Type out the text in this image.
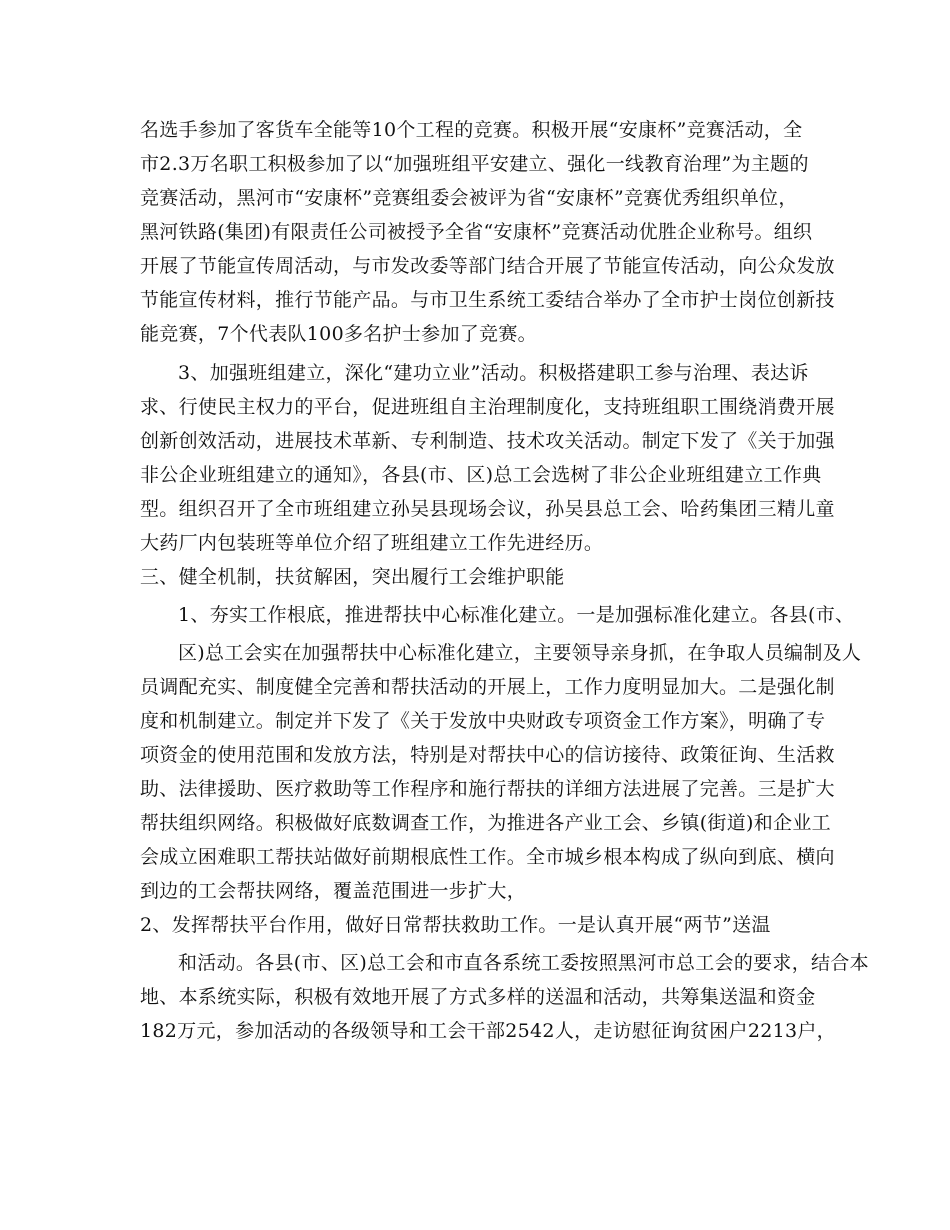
名选手参加了客货车全能等10个工程的竞赛。积极开展“安康杯”竞赛活动，全
市2.3万名职工积极参加了以“加强班组平安建立、强化一线教育治理”为主题的
竞赛活动，黑河市“安康杯”竞赛组委会被评为省“安康杯”竞赛优秀组织单位，
黑河铁路(集团)有限责任公司被授予全省“安康杯”竞赛活动优胜企业称号。组织
开展了节能宣传周活动，与市发改委等部门结合开展了节能宣传活动，向公众发放
节能宣传材料，推行节能产品。与市卫生系统工委结合举办了全市护士岗位创新技
能竞赛，7个代表队100多名护士参加了竞赛。
3、加强班组建立，深化“建功立业”活动。积极搭建职工参与治理、表达诉
求、行使民主权力的平台，促进班组自主治理制度化，支持班组职工围绕消费开展
创新创效活动，进展技术革新、专利制造、技术攻关活动。制定下发了《关于加强
非公企业班组建立的通知》，各县(市、区)总工会选树了非公企业班组建立工作典
型。组织召开了全市班组建立孙吴县现场会议，孙吴县总工会、哈药集团三精儿童
大药厂内包装班等单位介绍了班组建立工作先进经历。
三、健全机制，扶贫解困，突出履行工会维护职能
1、夯实工作根底，推进帮扶中心标准化建立。一是加强标准化建立。各县(市、
区)总工会实在加强帮扶中心标准化建立，主要领导亲身抓，在争取人员编制及人
员调配充实、制度健全完善和帮扶活动的开展上，工作力度明显加大。二是强化制
度和机制建立。制定并下发了《关于发放中央财政专项资金工作方案》，明确了专
项资金的使用范围和发放方法，特别是对帮扶中心的信访接待、政策征询、生活救
助、法律援助、医疗救助等工作程序和施行帮扶的详细方法进展了完善。三是扩大
帮扶组织网络。积极做好底数调查工作，为推进各产业工会、乡镇(街道)和企业工
会成立困难职工帮扶站做好前期根底性工作。全市城乡根本构成了纵向到底、横向
到边的工会帮扶网络，覆盖范围进一步扩大，
2、发挥帮扶平台作用，做好日常帮扶救助工作。一是认真开展“两节”送温
和活动。各县(市、区)总工会和市直各系统工委按照黑河市总工会的要求，结合本
地、本系统实际，积极有效地开展了方式多样的送温和活动，共筹集送温和资金
182万元，参加活动的各级领导和工会干部2542人，走访慰征询贫困户2213户，
